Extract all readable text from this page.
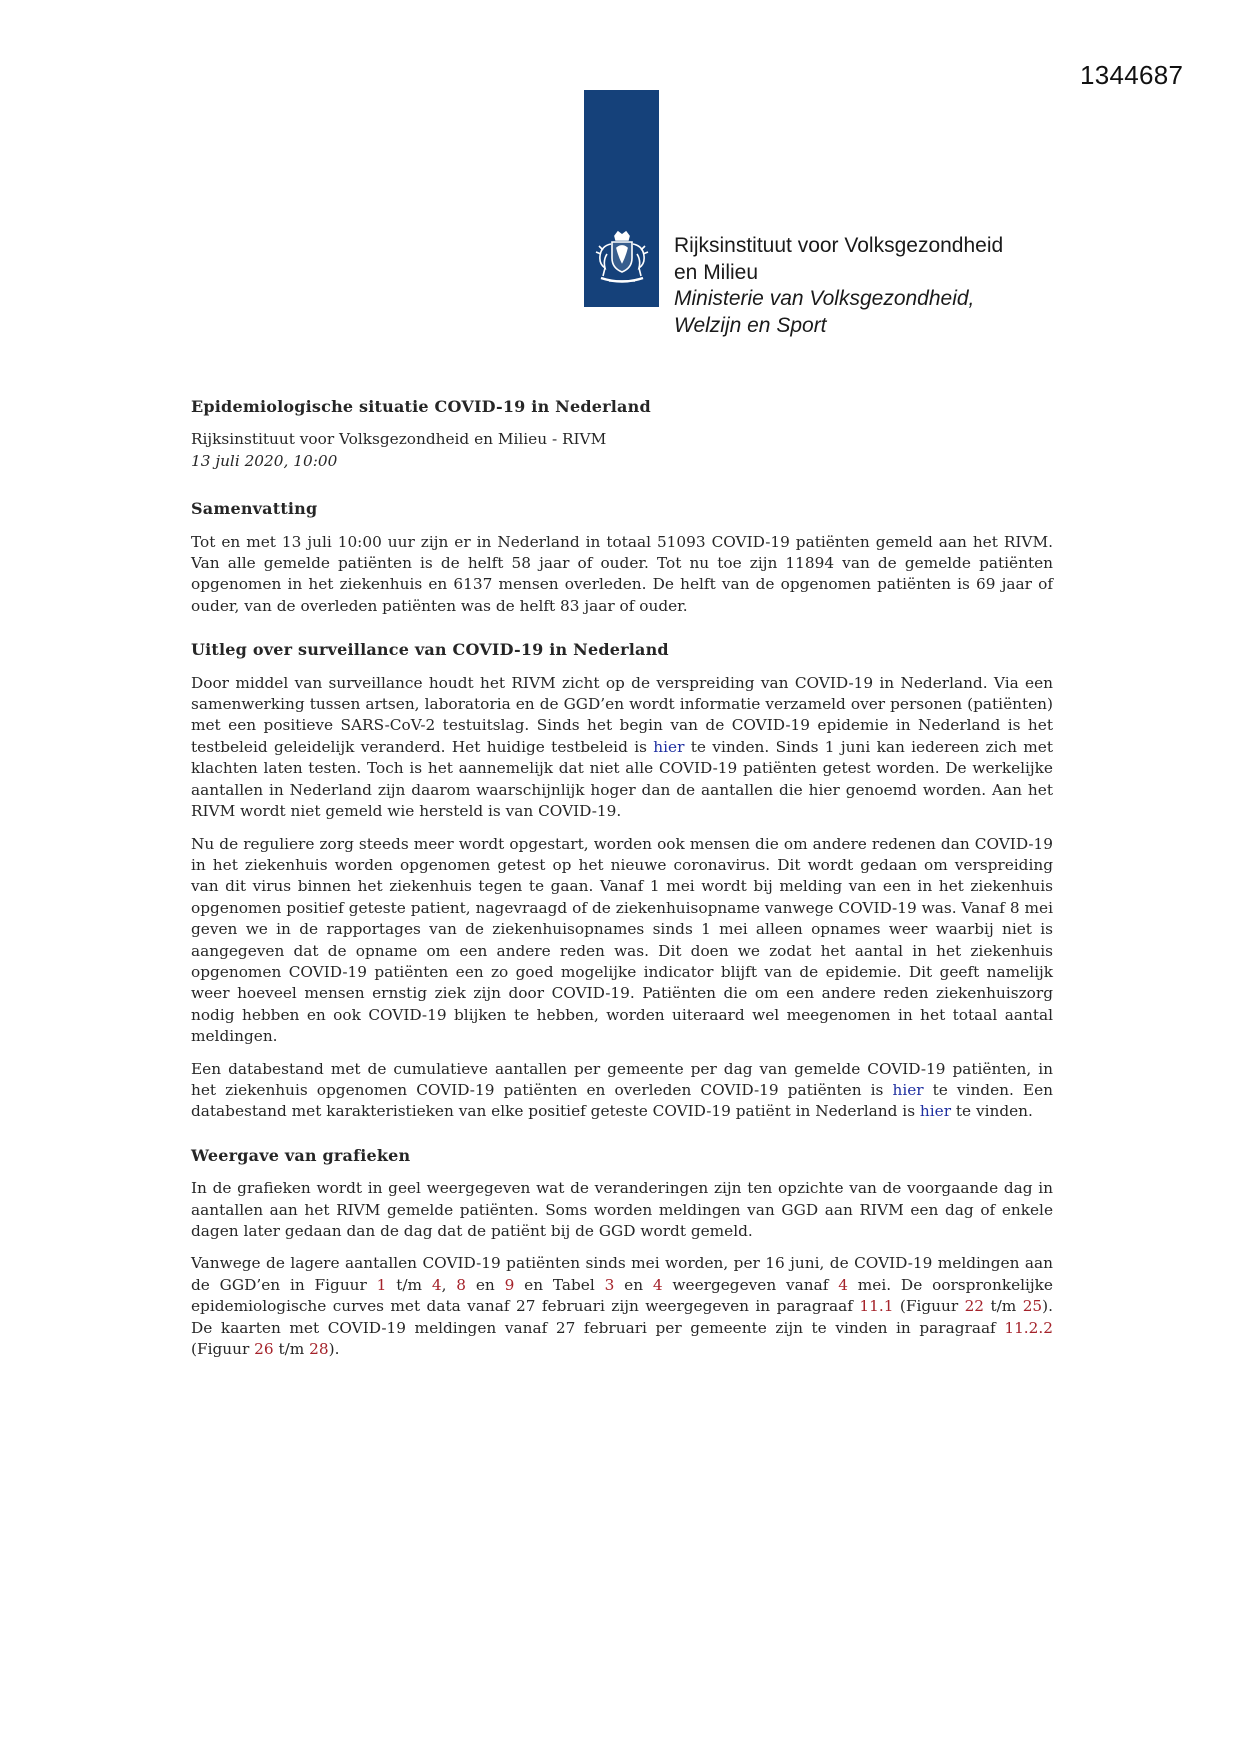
1344687
Rijksinstituut voor Volksgezondheid
en Milieu
Ministerie van Volksgezondheid,
Welzijn en Sport
Epidemiologische situatie COVID-19 in Nederland

Rijksinstituut voor Volksgezondheid en Milieu - RIVM

13 juli 2020, 10:00

Samenvatting

Tot en met 13 juli 10:00 uur zijn er in Nederland in totaal 51093 COVID-19 patiënten gemeld aan het RIVM. Van alle gemelde patiënten is de helft 58 jaar of ouder. Tot nu toe zijn 11894 van de gemelde patiënten opgenomen in het ziekenhuis en 6137 mensen overleden. De helft van de opgenomen patiënten is 69 jaar of ouder, van de overleden patiënten was de helft 83 jaar of ouder.

Uitleg over surveillance van COVID-19 in Nederland

Door middel van surveillance houdt het RIVM zicht op de verspreiding van COVID-19 in Nederland. Via een samenwerking tussen artsen, laboratoria en de GGD’en wordt informatie verzameld over personen (patiënten) met een positieve SARS-CoV-2 testuitslag. Sinds het begin van de COVID-19 epidemie in Nederland is het testbeleid geleidelijk veranderd. Het huidige testbeleid is hier te vinden. Sinds 1 juni kan iedereen zich met klachten laten testen. Toch is het aannemelijk dat niet alle COVID-19 patiënten getest worden. De werkelijke aantallen in Nederland zijn daarom waarschijnlijk hoger dan de aantallen die hier genoemd worden. Aan het RIVM wordt niet gemeld wie hersteld is van COVID-19.

Nu de reguliere zorg steeds meer wordt opgestart, worden ook mensen die om andere redenen dan COVID-19 in het ziekenhuis worden opgenomen getest op het nieuwe coronavirus. Dit wordt gedaan om verspreiding van dit virus binnen het ziekenhuis tegen te gaan. Vanaf 1 mei wordt bij melding van een in het ziekenhuis opgenomen positief geteste patient, nagevraagd of de ziekenhuisopname vanwege COVID-19 was. Vanaf 8 mei geven we in de rapportages van de ziekenhuisopnames sinds 1 mei alleen opnames weer waarbij niet is aangegeven dat de opname om een andere reden was. Dit doen we zodat het aantal in het ziekenhuis opgenomen COVID-19 patiënten een zo goed mogelijke indicator blijft van de epidemie. Dit geeft namelijk weer hoeveel mensen ernstig ziek zijn door COVID-19. Patiënten die om een andere reden ziekenhuiszorg nodig hebben en ook COVID-19 blijken te hebben, worden uiteraard wel meegenomen in het totaal aantal meldingen.

Een databestand met de cumulatieve aantallen per gemeente per dag van gemelde COVID-19 patiënten, in het ziekenhuis opgenomen COVID-19 patiënten en overleden COVID-19 patiënten is hier te vinden. Een databestand met karakteristieken van elke positief geteste COVID-19 patiënt in Nederland is hier te vinden.

Weergave van grafieken

In de grafieken wordt in geel weergegeven wat de veranderingen zijn ten opzichte van de voorgaande dag in aantallen aan het RIVM gemelde patiënten. Soms worden meldingen van GGD aan RIVM een dag of enkele dagen later gedaan dan de dag dat de patiënt bij de GGD wordt gemeld.

Vanwege de lagere aantallen COVID-19 patiënten sinds mei worden, per 16 juni, de COVID-19 meldingen aan de GGD’en in Figuur 1 t/m 4, 8 en 9 en Tabel 3 en 4 weergegeven vanaf 4 mei. De oorspronkelijke epidemiologische curves met data vanaf 27 februari zijn weergegeven in paragraaf 11.1 (Figuur 22 t/m 25). De kaarten met COVID-19 meldingen vanaf 27 februari per gemeente zijn te vinden in paragraaf 11.2.2 (Figuur 26 t/m 28).
